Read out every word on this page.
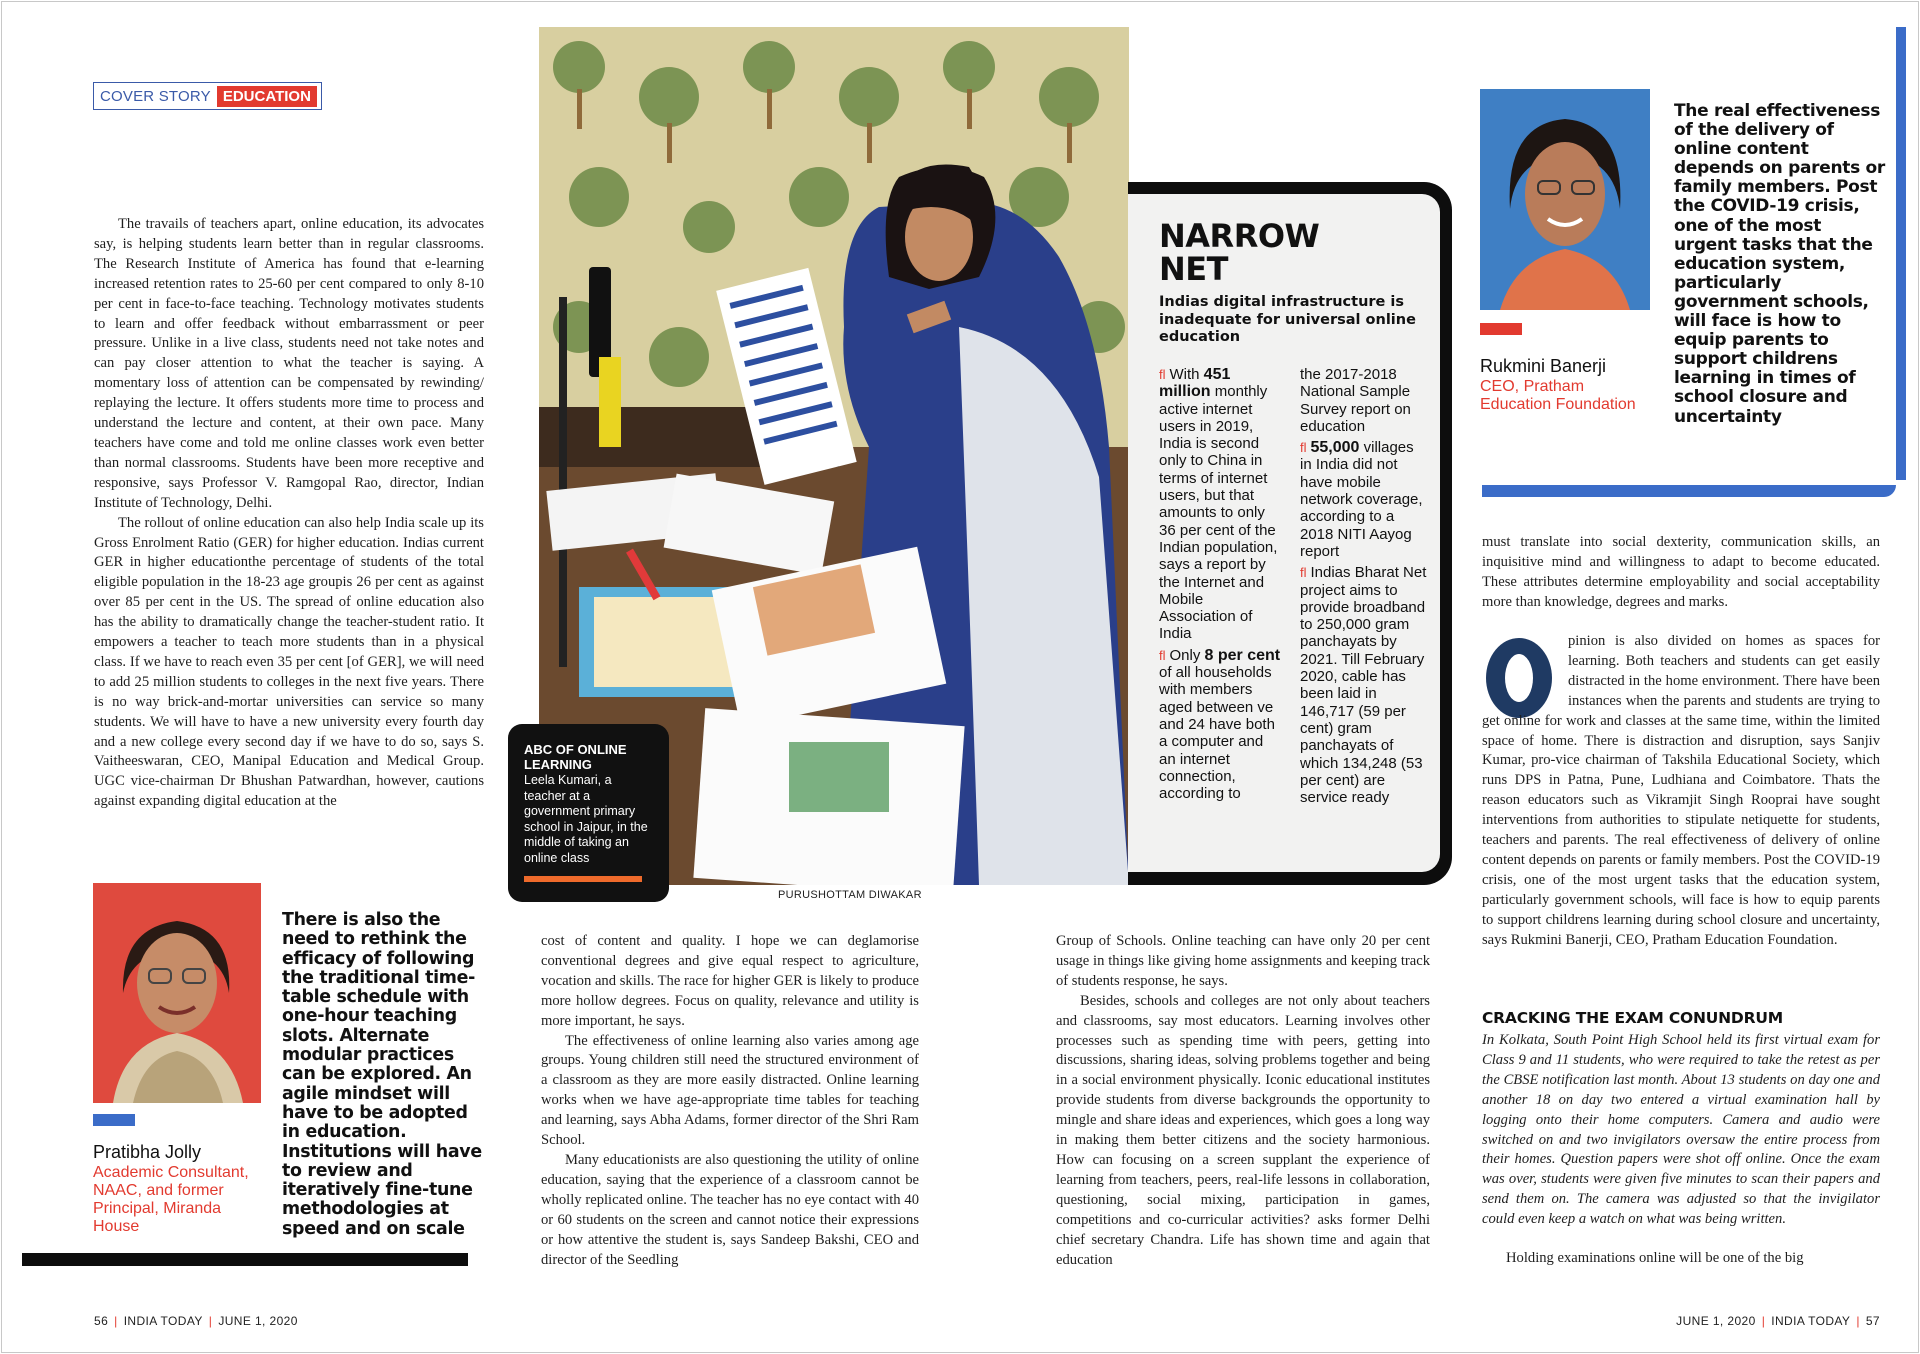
COVER STORY EDUCATION

The travails of teachers apart, online education, its advocates say, is helping students learn better than in regular classrooms. The Research Institute of America has found that e-learning increased retention rates to 25-60 per cent compared to only 8-10 per cent in face-to-face teaching. Technology motivates students to learn and offer feedback without embarrassment or peer pressure. Unlike in a live class, students need not take notes and can pay closer attention to what the teacher is saying. A momentary loss of attention can be compensated by rewinding/ replaying the lecture. It offers students more time to process and understand the lecture and content, at their own pace. Many teachers have come and told me online classes work even better than normal classrooms. Students have been more receptive and responsive, says Professor V. Ramgopal Rao, director, Indian Institute of Technology, Delhi.

The rollout of online education can also help India scale up its Gross Enrolment Ratio (GER) for higher education. Indias current GER in higher educationthe percentage of students of the total eligible population in the 18-23 age groupis 26 per cent as against over 85 per cent in the US. The spread of online education also has the ability to dramatically change the teacher-student ratio. It empowers a teacher to teach more students than in a physical class. If we have to reach even 35 per cent [of GER], we will need to add 25 million students to colleges in the next five years. There is no way brick-and-mortar universities can service so many students. We will have to have a new university every fourth day and a new college every second day if we have to do so, says S. Vaitheeswaran, CEO, Manipal Education and Medical Group. UGC vice-chairman Dr Bhushan Patwardhan, however, cautions against expanding digital education at the

Pratibha Jolly
Academic Consultant, NAAC, and former Principal, Miranda House
There is also the need to rethink the efficacy of following the traditional time-table schedule with one-hour teaching slots. Alternate modular practices can be explored. An agile mindset will have to be adopted in education. Institutions will have to review and iteratively fine-tune methodologies at speed and on scale
ABC OF ONLINE LEARNING
Leela Kumari, a teacher at a government primary school in Jaipur, in the middle of taking an online class
PURUSHOTTAM DIWAKAR

cost of content and quality. I hope we can deglamorise conventional degrees and give equal respect to agriculture, vocation and skills. The race for higher GER is likely to produce more hollow degrees. Focus on quality, relevance and utility is more important, he says.

The effectiveness of online learning also varies among age groups. Young children still need the structured environment of a classroom as they are more easily distracted. Online learning works when we have age-appropriate time tables for teaching and learning, says Abha Adams, former director of the Shri Ram School.

Many educationists are also questioning the utility of online education, saying that the experience of a classroom cannot be wholly replicated online. The teacher has no eye contact with 40 or 60 students on the screen and cannot notice their expressions or how attentive the student is, says Sandeep Bakshi, CEO and director of the Seedling

Group of Schools. Online teaching can have only 20 per cent usage in things like giving home assignments and keeping track of students response, he says.

Besides, schools and colleges are not only about teachers and classrooms, say most educators. Learning involves other processes such as spending time with peers, getting into discussions, sharing ideas, solving problems together and being in a social environment physically. Iconic educational institutes provide students from diverse backgrounds the opportunity to mingle and share ideas and experiences, which goes a long way in making them better citizens and the society harmonious. How can focusing on a screen supplant the experience of learning from teachers, peers, real-life lessons in collaboration, questioning, social mixing, participation in games, competitions and co-curricular activities? asks former Delhi chief secretary Chandra. Life has shown time and again that education

NARROW
NET
Indias digital infrastructure is inadequate for universal online education
fl With 451 million monthly active internet users in 2019, India is second only to China in terms of internet users, but that amounts to only 36 per cent of the Indian population, says a report by the Internet and Mobile Association of India
fl Only 8 per cent of all households with members aged between ve and 24 have both a computer and an internet connection, according to
the 2017-2018 National Sample Survey report on education
fl 55,000 villages in India did not have mobile network coverage, according to a 2018 NITI Aayog report
fl Indias Bharat Net project aims to provide broadband to 250,000 gram panchayats by 2021. Till February 2020, cable has been laid in 146,717 (59 per cent) gram panchayats of which 134,248 (53 per cent) are service ready
Rukmini Banerji
CEO, Pratham Education Foundation
The real effectiveness of the delivery of online content depends on parents or family members. Post the COVID-19 crisis, one of the most urgent tasks that the education system, particularly government schools, will face is how to equip parents to support childrens learning in times of school closure and uncertainty
must translate into social dexterity, communication skills, an inquisitive mind and willingness to adapt to become educated. These attributes determine employability and social acceptability more than knowledge, degrees and marks.
pinion is also divided on homes as spaces for learning. Both teachers and students can get easily distracted in the home environment. There have been instances when the parents and students are trying to get online for work and classes at the same time, within the limited space of home. There is distraction and disruption, says Sanjiv Kumar, pro-vice chairman of Takshila Educational Society, which runs DPS in Patna, Pune, Ludhiana and Coimbatore. Thats the reason educators such as Vikramjit Singh Rooprai have sought interventions from authorities to stipulate netiquette for students, teachers and parents. The real effectiveness of delivery of online content depends on parents or family members. Post the COVID-19 crisis, one of the most urgent tasks that the education system, particularly government schools, will face is how to equip parents to support childrens learning during school closure and uncertainty, says Rukmini Banerji, CEO, Pratham Education Foundation.
CRACKING THE EXAM CONUNDRUM
In Kolkata, South Point High School held its first virtual exam for Class 9 and 11 students, who were required to take the retest as per the CBSE notification last month. About 13 students on day one and another 18 on day two entered a virtual examination hall by logging onto their home computers. Camera and audio were switched on and two invigilators oversaw the entire process from their homes. Question papers were shot off online. Once the exam was over, students were given five minutes to scan their papers and send them on. The camera was adjusted so that the invigilator could even keep a watch on what was being written.

Holding examinations online will be one of the big

56 | INDIA TODAY | JUNE 1, 2020	JUNE 1, 2020 | INDIA TODAY | 57
